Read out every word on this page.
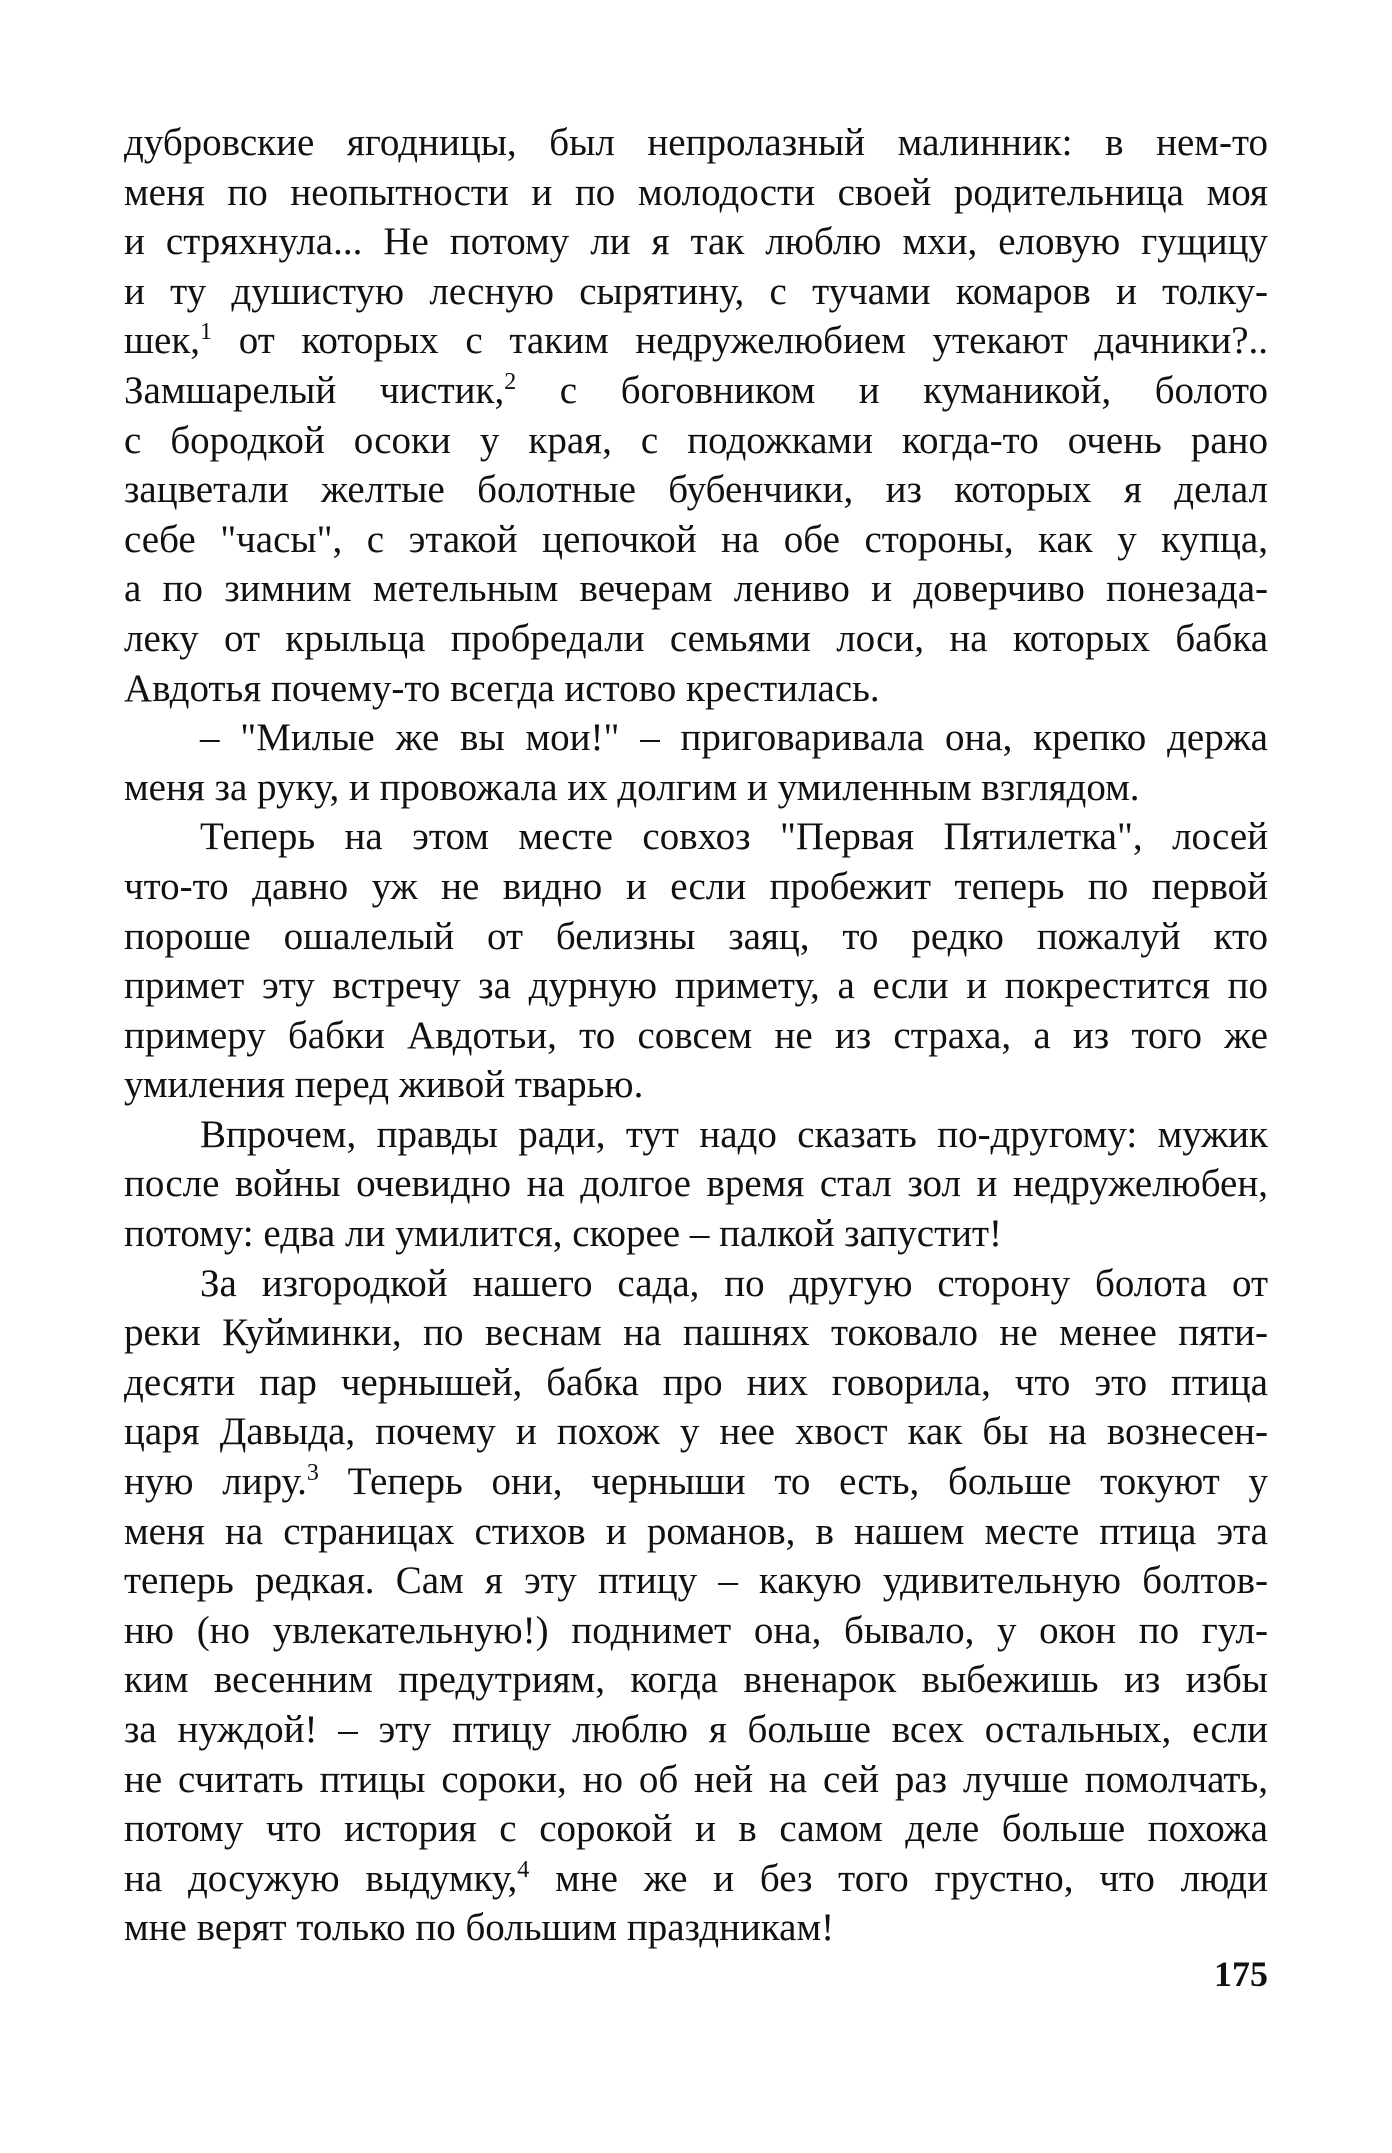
дубровские ягодницы, был непролазный малинник: в нем-то
меня по неопытности и по молодости своей родительница моя
и стряхнула... Не потому ли я так люблю мхи, еловую гущицу
и ту душистую лесную сырятину, с тучами комаров и толку-
шек,$^1$ от которых с таким недружелюбием утекают дачники?..
Замшарелый чистик,$^2$ с боговником и куманикой, болото
с бородкой осоки у края, с подожками когда-то очень рано
зацветали желтые болотные бубенчики, из которых я делал
себе "часы", с этакой цепочкой на обе стороны, как у купца,
а по зимним метельным вечерам лениво и доверчиво понезада-
леку от крыльца пробредали семьями лоси, на которых бабка
Авдотья почему-то всегда истово крестилась.
– "Милые же вы мои!" – приговаривала она, крепко держа
меня за руку, и провожала их долгим и умиленным взглядом.
Теперь на этом месте совхоз "Первая Пятилетка", лосей
что-то давно уж не видно и если пробежит теперь по первой
пороше ошалелый от белизны заяц, то редко пожалуй кто
примет эту встречу за дурную примету, а если и покрестится по
примеру бабки Авдотьи, то совсем не из страха, а из того же
умиления перед живой тварью.
Впрочем, правды ради, тут надо сказать по-другому: мужик
после войны очевидно на долгое время стал зол и недружелюбен,
потому: едва ли умилится, скорее – палкой запустит!
За изгородкой нашего сада, по другую сторону болота от
реки Куйминки, по веснам на пашнях токовало не менее пяти-
десяти пар чернышей, бабка про них говорила, что это птица
царя Давыда, почему и похож у нее хвост как бы на вознесен-
ную лиру.$^3$ Теперь они, черныши то есть, больше токуют у
меня на страницах стихов и романов, в нашем месте птица эта
теперь редкая. Сам я эту птицу – какую удивительную болтов-
ню (но увлекательную!) поднимет она, бывало, у окон по гул-
ким весенним предутриям, когда вненарок выбежишь из избы
за нуждой! – эту птицу люблю я больше всех остальных, если
не считать птицы сороки, но об ней на сей раз лучше помолчать,
потому что история с сорокой и в самом деле больше похожа
на досужую выдумку,$^4$ мне же и без того грустно, что люди
мне верят только по большим праздникам!
175
